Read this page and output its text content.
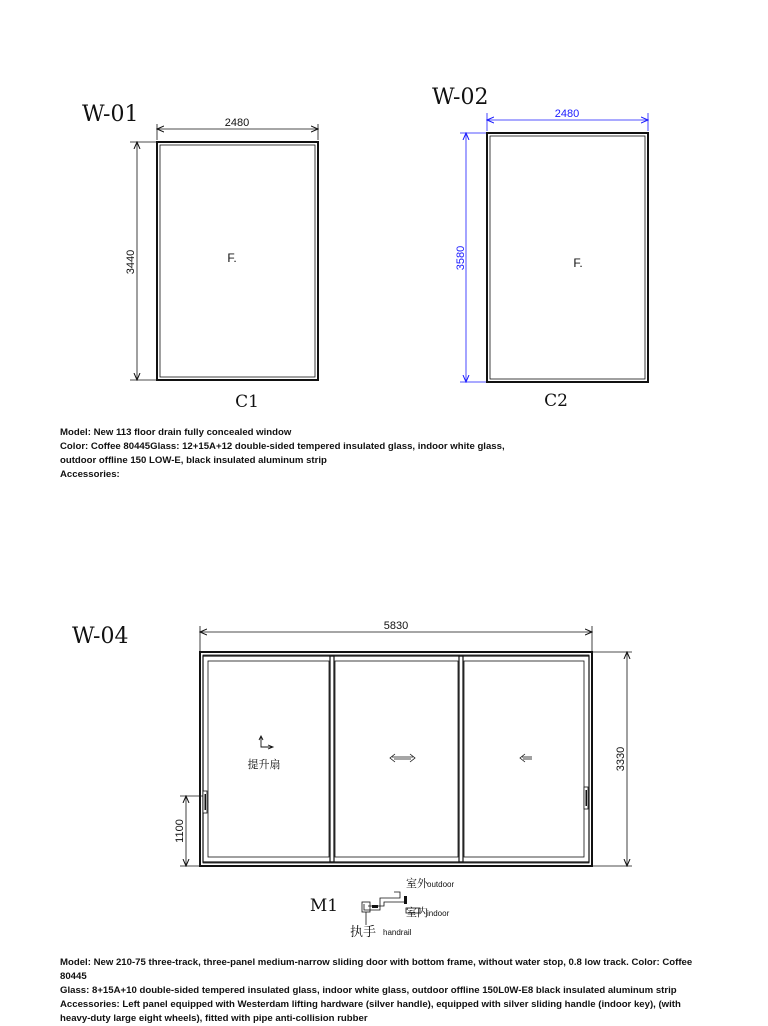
W-01	2480
3440	F.
C1
W-02
2480
3580	F.
C2
W-04	5830
3330
1100
提升扇
M1
室外 outdoor
室内 indoor
执手 handrail

Model: New 113 floor drain fully concealed window

Color: Coffee 80445Glass: 12+15A+12 double-sided tempered insulated glass, indoor white glass,

outdoor offline 150 LOW-E, black insulated aluminum strip

Accessories:

Model: New 210-75 three-track, three-panel medium-narrow sliding door with bottom frame, without water stop, 0.8 low track. Color: Coffee

80445

Glass: 8+15A+10 double-sided tempered insulated glass, indoor white glass, outdoor offline 150L0W-E8 black insulated aluminum strip

Accessories: Left panel equipped with Westerdam lifting hardware (silver handle), equipped with silver sliding handle (indoor key), (with

heavy-duty large eight wheels), fitted with pipe anti-collision rubber
